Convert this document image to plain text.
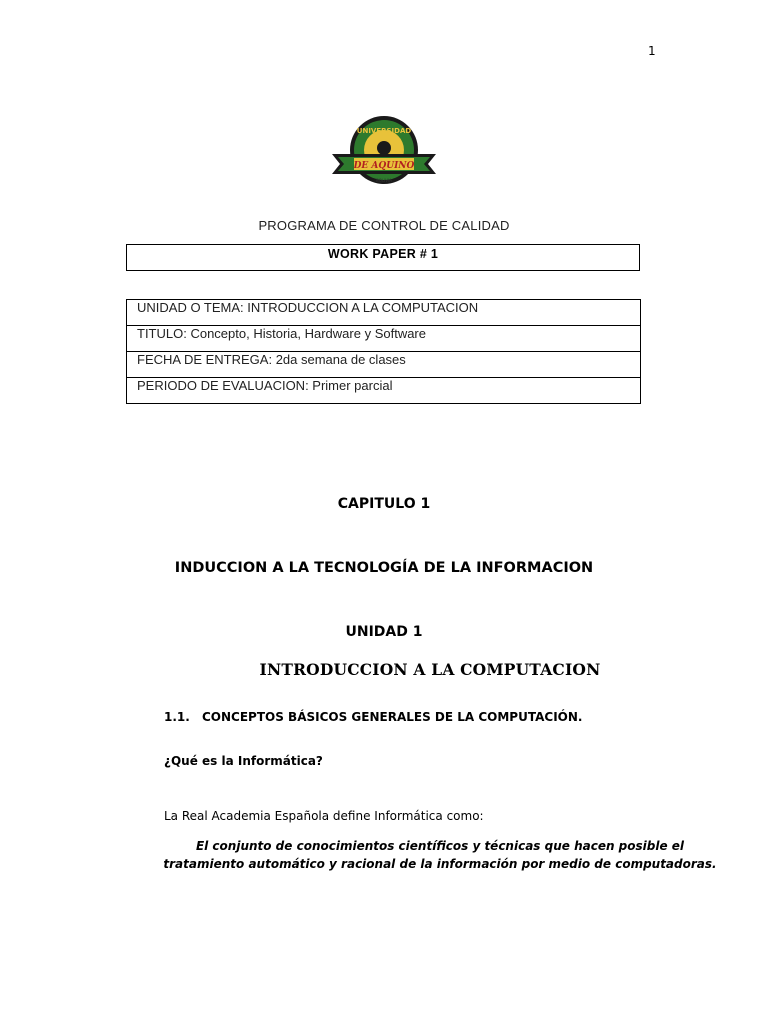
1
UNIVERSIDAD
DE AQUINO
BOLIVIA
PROGRAMA DE CONTROL DE CALIDAD
WORK PAPER # 1
UNIDAD O TEMA: INTRODUCCION A LA COMPUTACION
TITULO: Concepto, Historia, Hardware y Software
FECHA DE ENTREGA: 2da semana de clases
PERIODO DE EVALUACION: Primer parcial
CAPITULO 1
INDUCCION A LA TECNOLOGÍA DE LA INFORMACION
UNIDAD 1
INTRODUCCION A LA COMPUTACION
1.1. CONCEPTOS BÁSICOS GENERALES DE LA COMPUTACIÓN.
¿Qué es la Informática?
La Real Academia Española define Informática como:
El conjunto de conocimientos científicos y técnicas que hacen posible el tratamiento automático y racional de la información por medio de computadoras.
